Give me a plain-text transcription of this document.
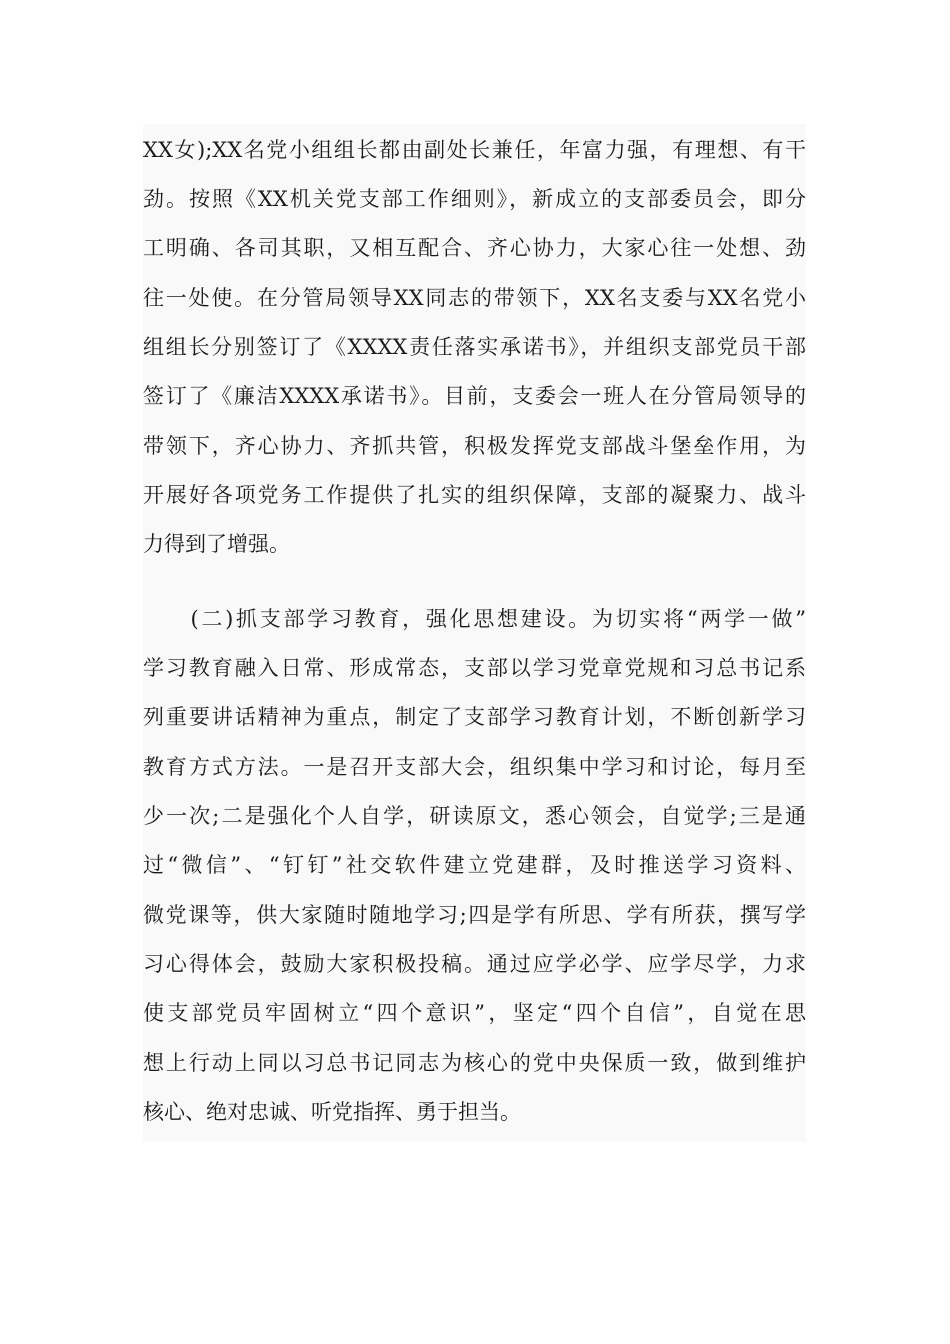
XX女);XX名党小组组长都由副处长兼任，年富力强，有理想、有干
劲。按照《XX机关党支部工作细则》，新成立的支部委员会，即分
工明确、各司其职，又相互配合、齐心协力，大家心往一处想、劲
往一处使。在分管局领导XX同志的带领下，XX名支委与XX名党小
组组长分别签订了《XXXX责任落实承诺书》，并组织支部党员干部
签订了《廉洁XXXX承诺书》。目前，支委会一班人在分管局领导的
带领下，齐心协力、齐抓共管，积极发挥党支部战斗堡垒作用，为
开展好各项党务工作提供了扎实的组织保障，支部的凝聚力、战斗
力得到了增强。
　　(二)抓支部学习教育，强化思想建设。为切实将“两学一做”
学习教育融入日常、形成常态，支部以学习党章党规和习总书记系
列重要讲话精神为重点，制定了支部学习教育计划，不断创新学习
教育方式方法。一是召开支部大会，组织集中学习和讨论，每月至
少一次;二是强化个人自学，研读原文，悉心领会，自觉学;三是通
过“微信”、“钉钉”社交软件建立党建群，及时推送学习资料、
微党课等，供大家随时随地学习;四是学有所思、学有所获，撰写学
习心得体会，鼓励大家积极投稿。通过应学必学、应学尽学，力求
使支部党员牢固树立“四个意识”，坚定“四个自信”，自觉在思
想上行动上同以习总书记同志为核心的党中央保质一致，做到维护
核心、绝对忠诚、听党指挥、勇于担当。
